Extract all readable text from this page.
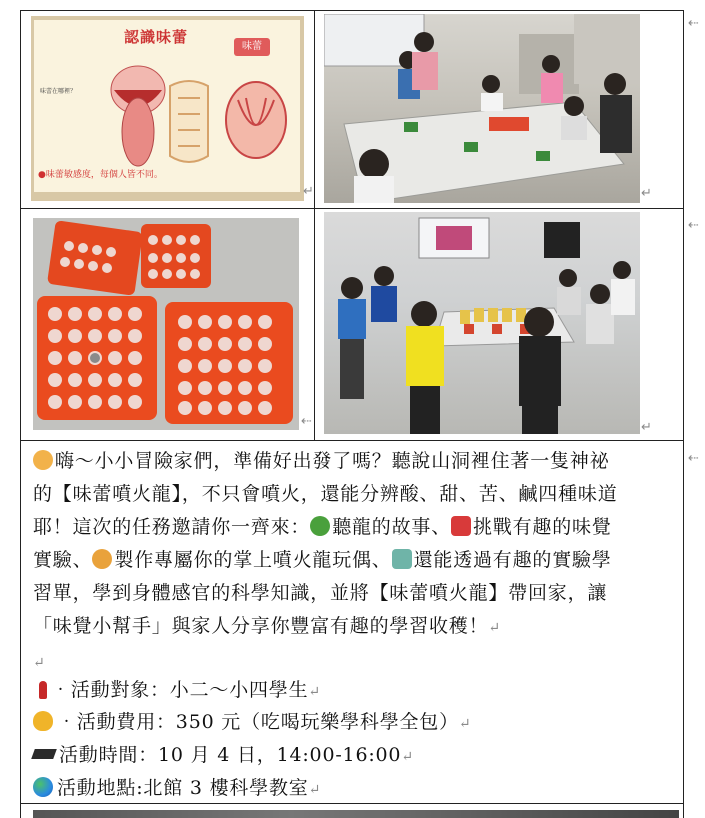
認識味蕾
味蕾
味蕾在哪裡？
●味蕾敏感度，每個人皆不同。
↵
⇠
↵
⇠
⇠
↵
嗨～小小冒險家們，準備好出發了嗎？聽說山洞裡住著一隻神祕
的【味蕾噴火龍】，不只會噴火，還能分辨酸、甜、苦、鹹四種味道
耶！這次的任務邀請你一齊來： 聽龍的故事、 挑戰有趣的味覺
實驗、 製作專屬你的掌上噴火龍玩偶、 還能透過有趣的實驗學
習單，學到身體感官的科學知識，並將【味蕾噴火龍】帶回家，讓
「味覺小幫手」與家人分享你豐富有趣的學習收穫！↵
↵
⇠
‧活動對象：小二～小四學生↵
‧活動費用：350 元（吃喝玩樂學科學全包）↵
活動時間：10 月 4 日，14:00-16:00↵
活動地點:北館 3 樓科學教室↵
